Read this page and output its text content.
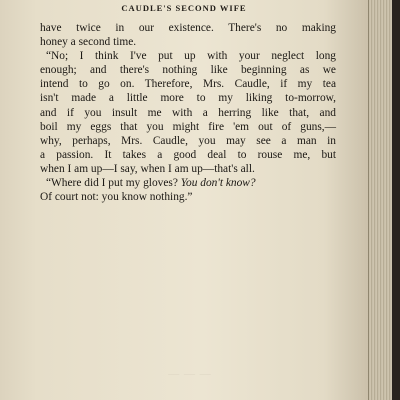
CAUDLE'S SECOND WIFE
have twice in our existence. There's no making
honey a second time.
“No; I think I've put up with your neglect long
enough; and there's nothing like beginning as we
intend to go on. Therefore, Mrs. Caudle, if my tea
isn't made a little more to my liking to-morrow,
and if you insult me with a herring like that, and
boil my eggs that you might fire 'em out of guns,—
why, perhaps, Mrs. Caudle, you may see a man in
a passion. It takes a good deal to rouse me, but
when I am up—I say, when I am up—that's all.
“Where did I put my gloves? You don't know?
Of court not: you know nothing.”
— — —
